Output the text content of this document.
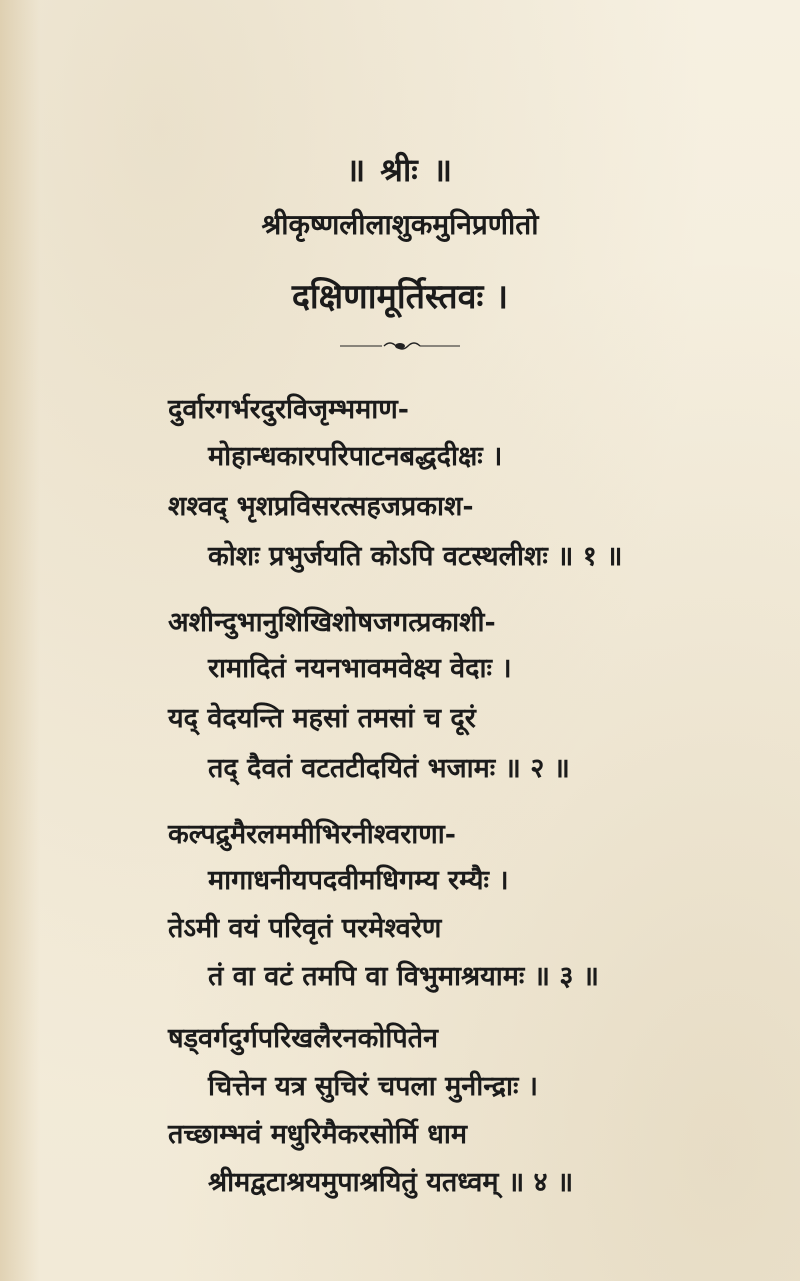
॥ श्रीः ॥
श्रीकृष्णलीलाशुकमुनिप्रणीतो
दक्षिणामूर्तिस्तवः ।
दुर्वारगर्भरदुरविजृम्भमाण-
मोहान्धकारपरिपाटनबद्धदीक्षः ।
शश्वद् भृशप्रविसरत्सहजप्रकाश-
कोशः प्रभुर्जयति कोऽपि वटस्थलीशः ॥ १ ॥
अशीन्दुभानुशिखिशोषजगत्प्रकाशी-
रामादितं नयनभावमवेक्ष्य वेदाः ।
यद् वेदयन्ति महसां तमसां च दूरं
तद् दैवतं वटतटीदयितं भजामः ॥ २ ॥
कल्पद्रुमैरलममीभिरनीश्वराणा-
मागाधनीयपदवीमधिगम्य रम्यैः ।
तेऽमी वयं परिवृतं परमेश्वरेण
तं वा वटं तमपि वा विभुमाश्रयामः ॥ ३ ॥
षड्वर्गदुर्गपरिखलैरनकोपितेन
चित्तेन यत्र सुचिरं चपला मुनीन्द्राः ।
तच्छाम्भवं मधुरिमैकरसोर्मि धाम
श्रीमद्वटाश्रयमुपाश्रयितुं यतध्वम् ॥ ४ ॥
